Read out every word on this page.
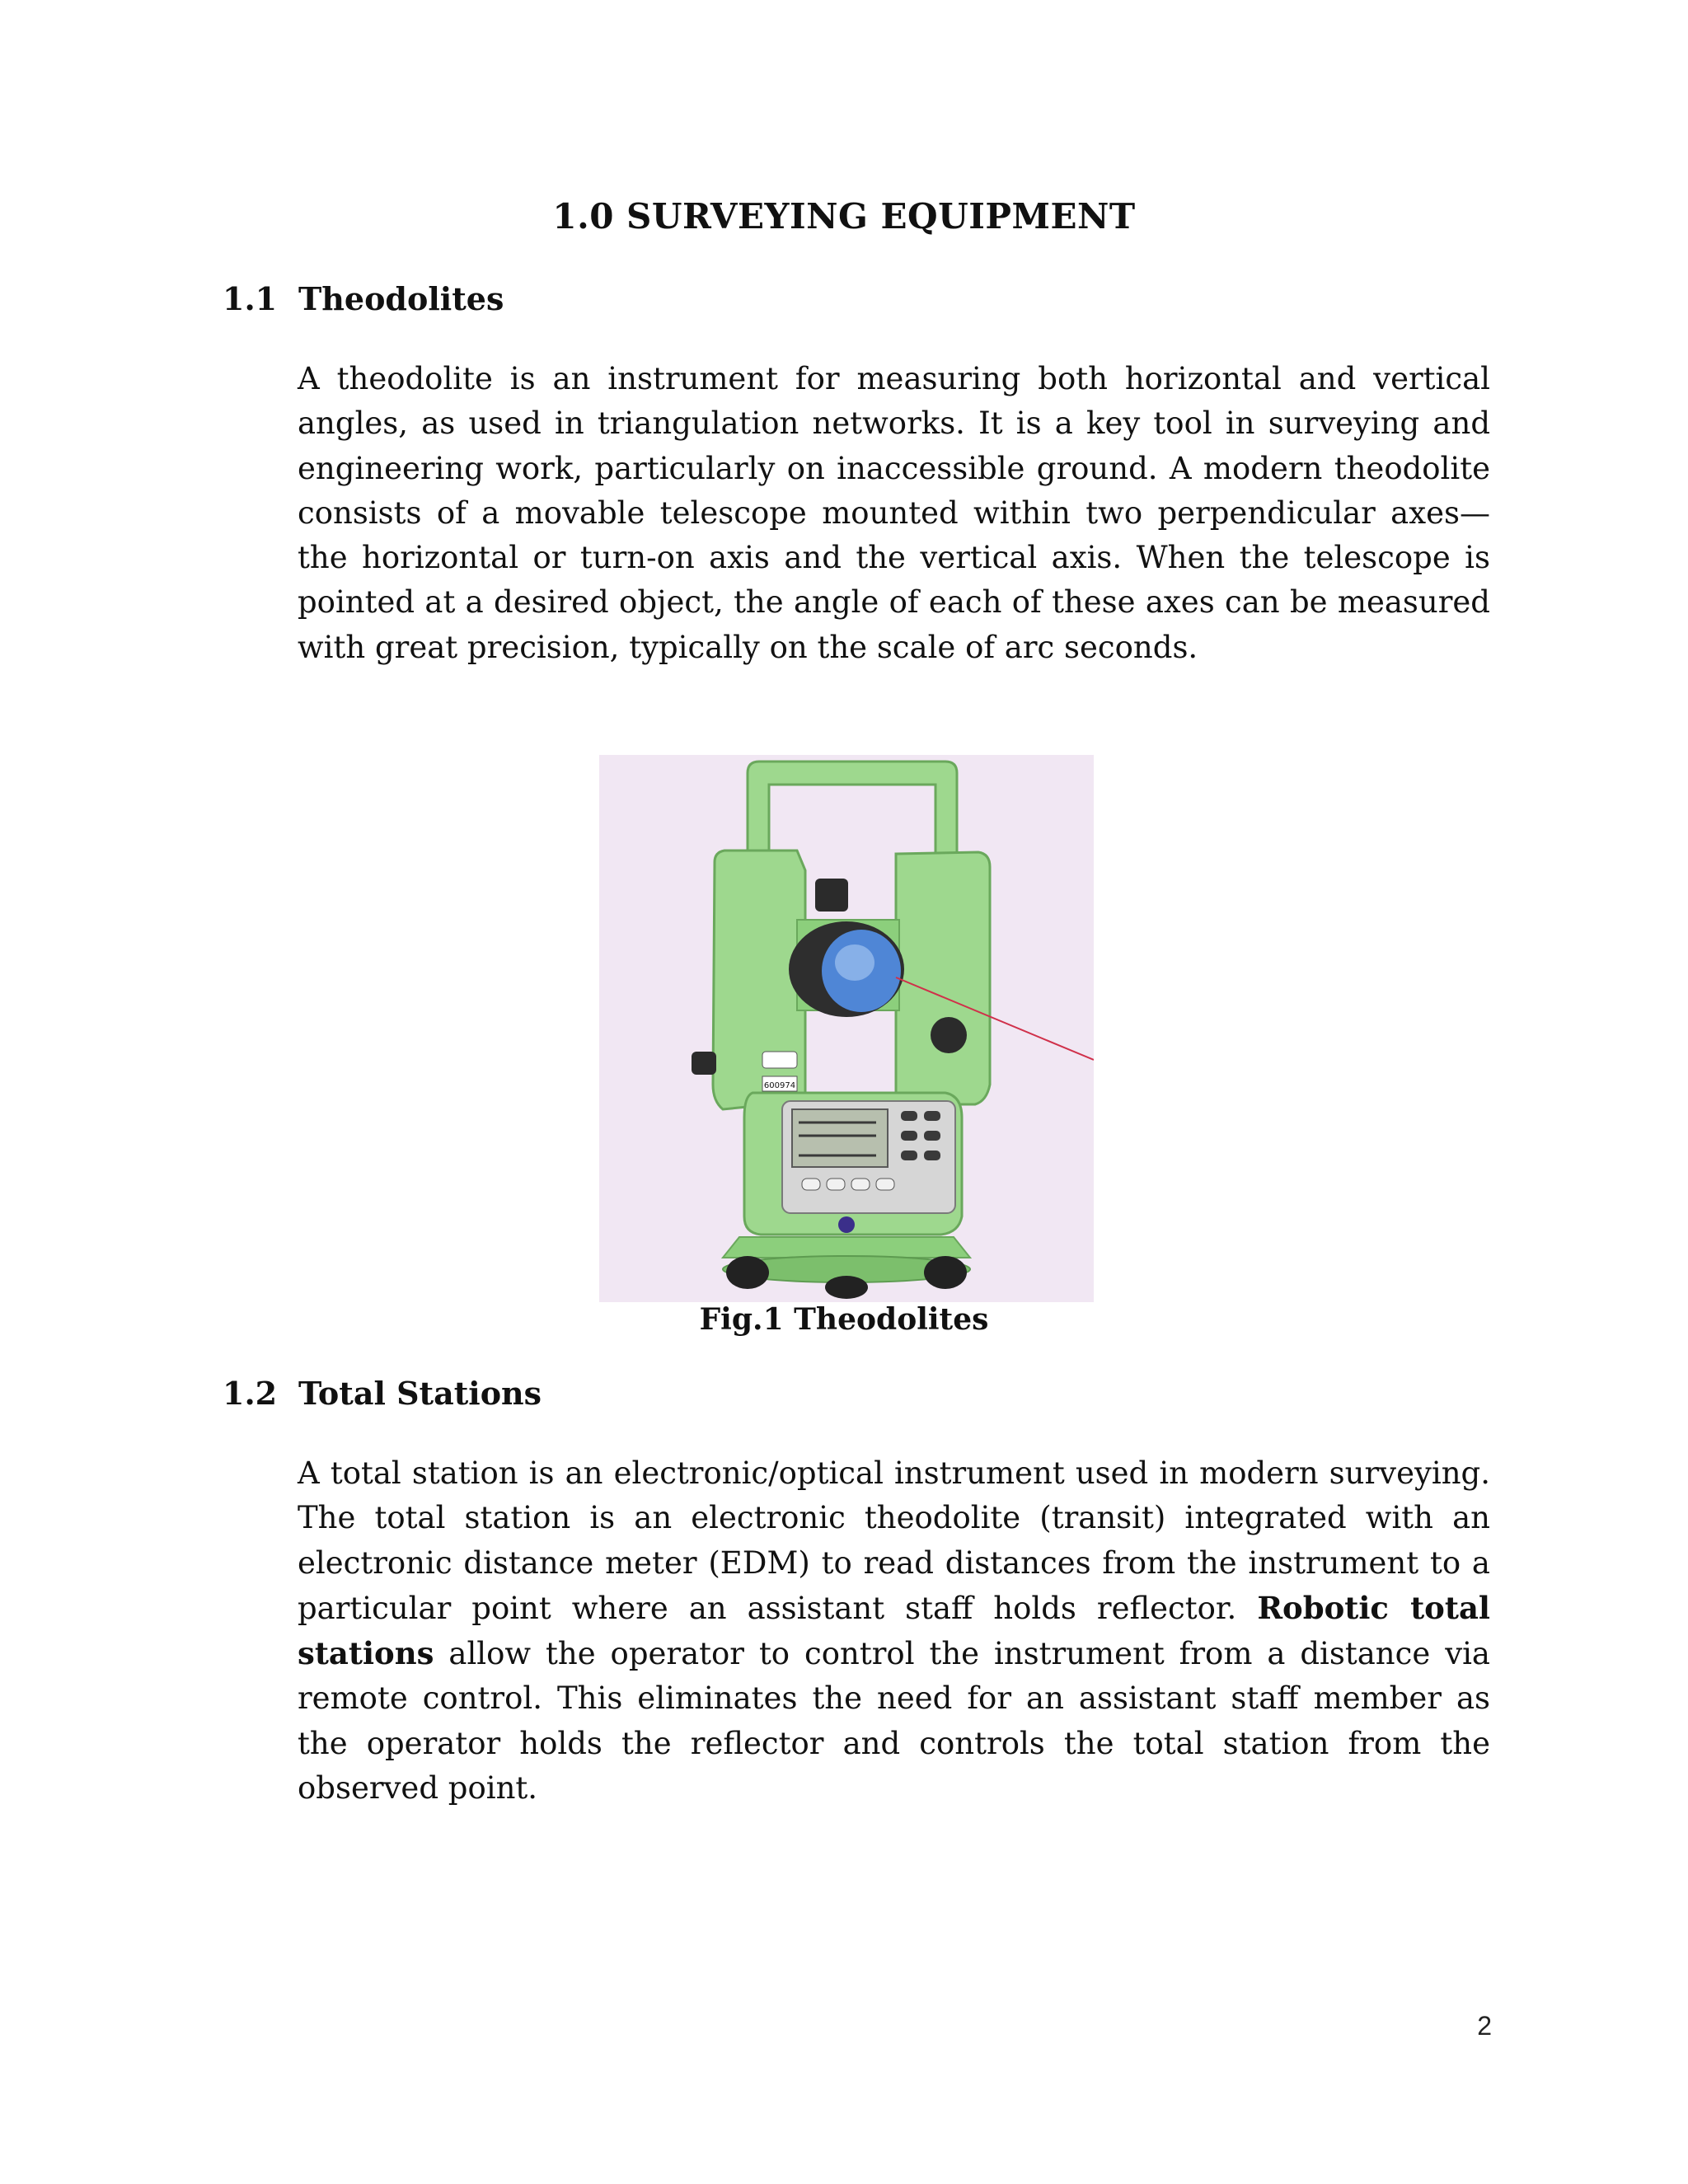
1.0 SURVEYING EQUIPMENT
1.1 Theodolites

A theodolite is an instrument for measuring both horizontal and vertical angles, as used in triangulation networks. It is a key tool in surveying and engineering work, particularly on inaccessible ground. A modern theodolite consists of a movable telescope mounted within two perpendicular axes—the horizontal or turn-on axis and the vertical axis. When the telescope is pointed at a desired object, the angle of each of these axes can be measured with great precision, typically on the scale of arc seconds.

600974

Fig.1 Theodolites

1.2 Total Stations

A total station is an electronic/optical instrument used in modern surveying. The total station is an electronic theodolite (transit) integrated with an electronic distance meter (EDM) to read distances from the instrument to a particular point where an assistant staff holds reflector. Robotic total stations allow the operator to control the instrument from a distance via remote control. This eliminates the need for an assistant staff member as the operator holds the reflector and controls the total station from the observed point.

2
